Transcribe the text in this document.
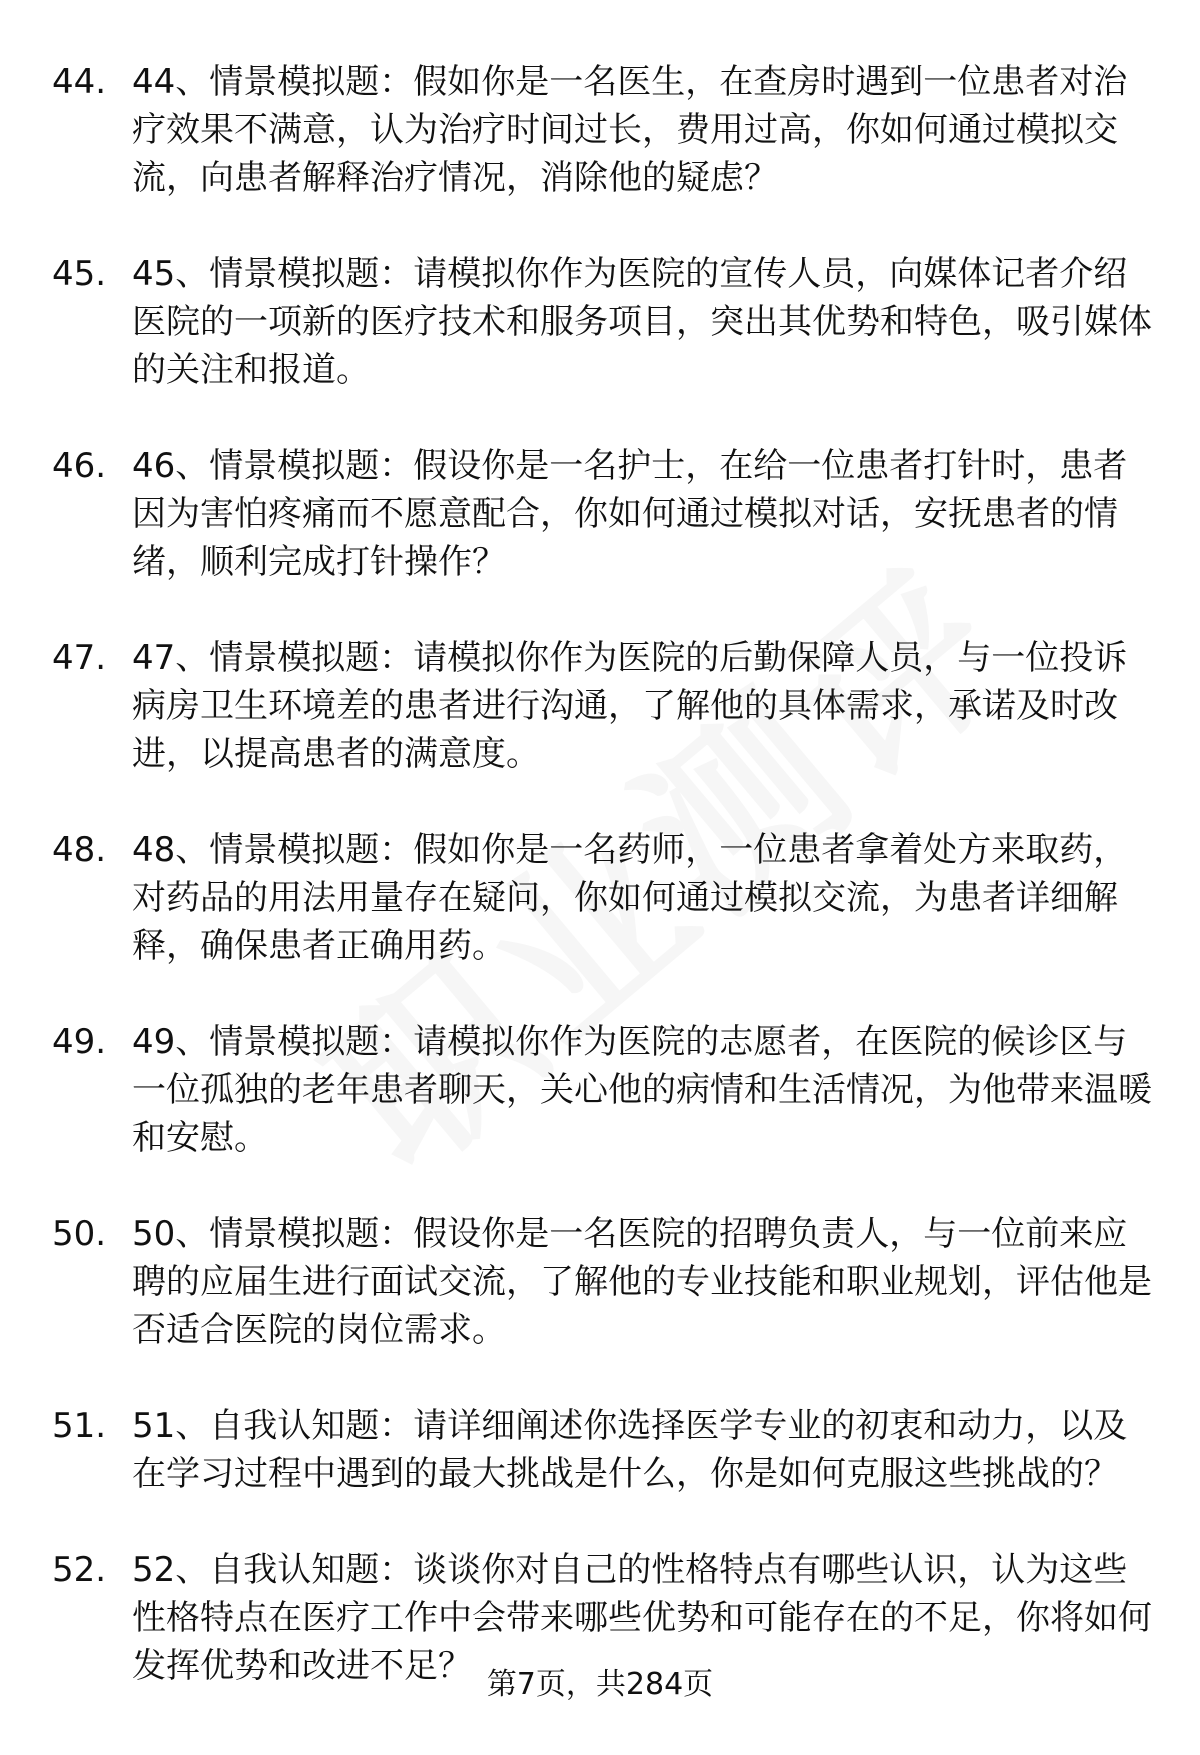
44. 44、情景模拟题：假如你是一名医生，在查房时遇到一位患者对治疗效果不满意，认为治疗时间过长，费用过高，你如何通过模拟交流，向患者解释治疗情况，消除他的疑虑？
45. 45、情景模拟题：请模拟你作为医院的宣传人员，向媒体记者介绍医院的一项新的医疗技术和服务项目，突出其优势和特色，吸引媒体的关注和报道。
46. 46、情景模拟题：假设你是一名护士，在给一位患者打针时，患者因为害怕疼痛而不愿意配合，你如何通过模拟对话，安抚患者的情绪，顺利完成打针操作？
47. 47、情景模拟题：请模拟你作为医院的后勤保障人员，与一位投诉病房卫生环境差的患者进行沟通，了解他的具体需求，承诺及时改进，以提高患者的满意度。
48. 48、情景模拟题：假如你是一名药师，一位患者拿着处方来取药，对药品的用法用量存在疑问，你如何通过模拟交流，为患者详细解释，确保患者正确用药。
49. 49、情景模拟题：请模拟你作为医院的志愿者，在医院的候诊区与一位孤独的老年患者聊天，关心他的病情和生活情况，为他带来温暖和安慰。
50. 50、情景模拟题：假设你是一名医院的招聘负责人，与一位前来应聘的应届生进行面试交流，了解他的专业技能和职业规划，评估他是否适合医院的岗位需求。
51. 51、自我认知题：请详细阐述你选择医学专业的初衷和动力，以及在学习过程中遇到的最大挑战是什么，你是如何克服这些挑战的？
52. 52、自我认知题：谈谈你对自己的性格特点有哪些认识，认为这些性格特点在医疗工作中会带来哪些优势和可能存在的不足，你将如何发挥优势和改进不足？ 第7页，共284页
